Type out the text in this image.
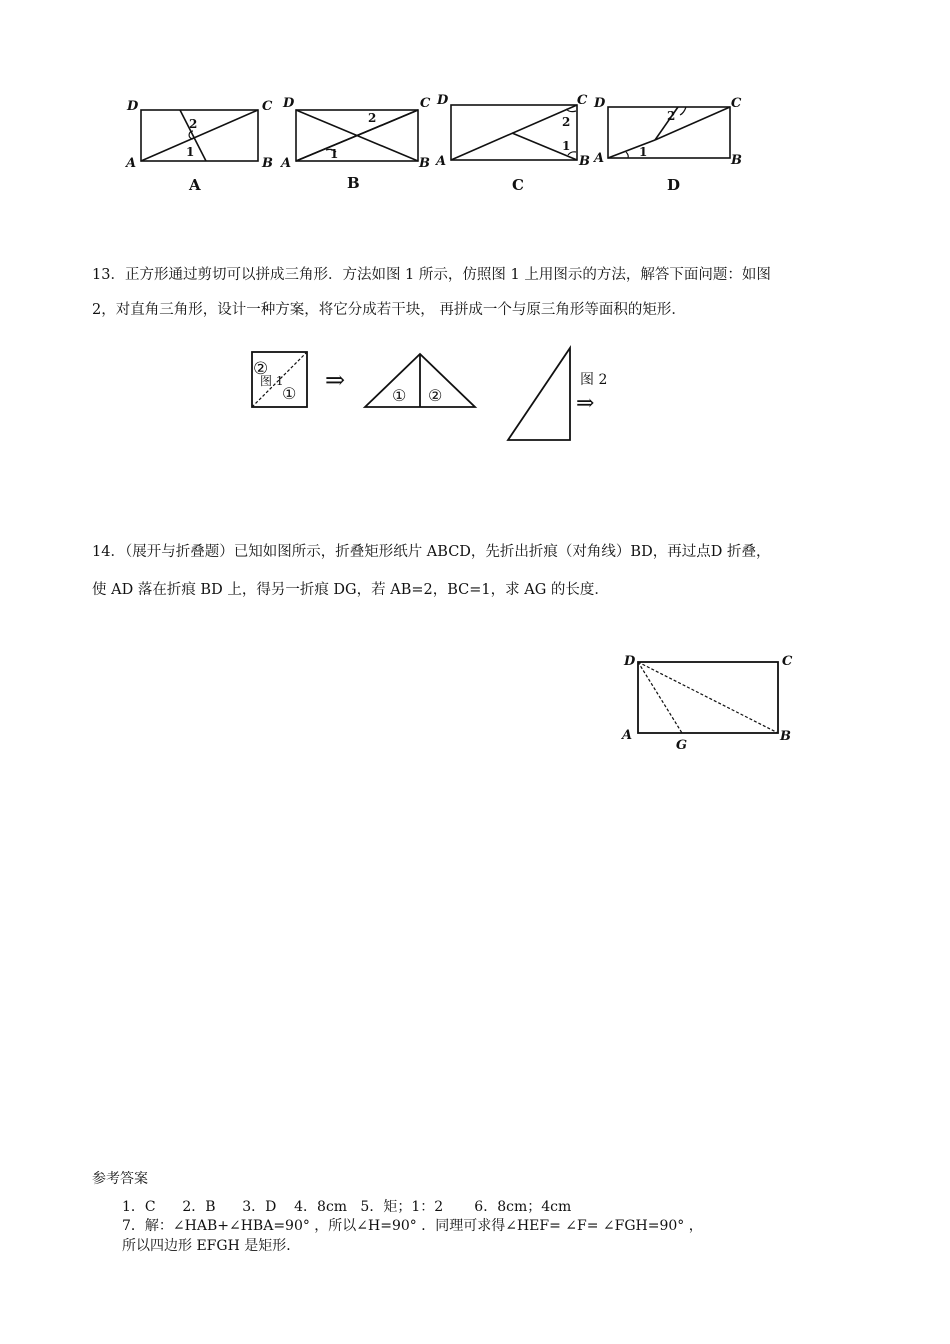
D	C
A	B
2
1
D	C
A	B
2
1
D	C
A	B
2
1
D	C
A	B
2
1
A	B	C	D
13．正方形通过剪切可以拼成三角形．方法如图 1 所示，仿照图 1 上用图示的方法，解答下面问题：如图
2，对直角三角形，设计一种方案，将它分成若干块， 再拼成一个与原三角形等面积的矩形．
②
图 1
①	① ②
⇒	图 2
⇒
14．（展开与折叠题）已知如图所示，折叠矩形纸片 ABCD，先折出折痕（对角线）BD，再过点D 折叠，
使 AD 落在折痕 BD 上，得另一折痕 DG，若 AB=2，BC=1，求 AG 的长度．
D	C
A	B
G
参考答案
1．C      2．B      3．D    4．8cm   5．矩；1：2       6．8cm；4cm
7．解：∠HAB+∠HBA=90° ，所以∠H=90° ．同理可求得∠HEF= ∠F= ∠FGH=90° ，
所以四边形 EFGH 是矩形．
